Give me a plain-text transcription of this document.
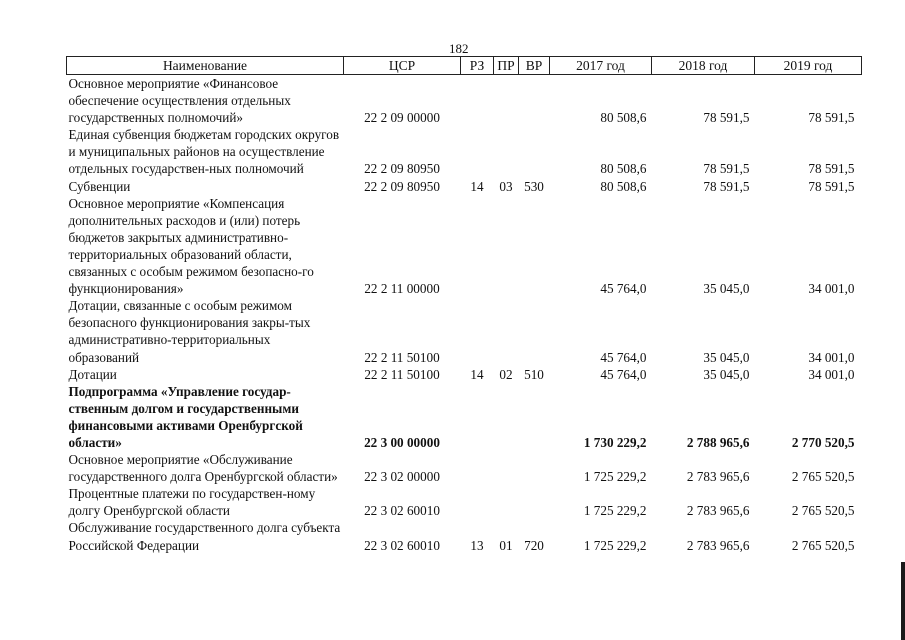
182
Наименование	ЦСР	РЗ	ПР	ВР	2017 год	2018 год	2019 год
Основное мероприятие «Финансовое обеспечение осуществления отдельных государственных полномочий»	22 2 09 00000				80 508,6	78 591,5	78 591,5
Единая субвенция бюджетам городских округов и муниципальных районов на осуществление отдельных государствен-ных полномочий	22 2 09 80950				80 508,6	78 591,5	78 591,5
Субвенции	22 2 09 80950	14	03	530	80 508,6	78 591,5	78 591,5
Основное мероприятие «Компенсация дополнительных расходов и (или) потерь бюджетов закрытых административно-территориальных образований области, связанных с особым режимом безопасно-го функционирования»	22 2 11 00000				45 764,0	35 045,0	34 001,0
Дотации, связанные с особым режимом безопасного функционирования закры-тых административно-территориальных образований	22 2 11 50100				45 764,0	35 045,0	34 001,0
Дотации	22 2 11 50100	14	02	510	45 764,0	35 045,0	34 001,0
Подпрограмма «Управление государ-ственным долгом и государственными финансовыми активами Оренбургской области»	22 3 00 00000				1 730 229,2	2 788 965,6	2 770 520,5
Основное мероприятие «Обслуживание государственного долга Оренбургской области»	22 3 02 00000				1 725 229,2	2 783 965,6	2 765 520,5
Процентные платежи по государствен-ному долгу Оренбургской области	22 3 02 60010				1 725 229,2	2 783 965,6	2 765 520,5
Обслуживание государственного долга субъекта Российской Федерации	22 3 02 60010	13	01	720	1 725 229,2	2 783 965,6	2 765 520,5
